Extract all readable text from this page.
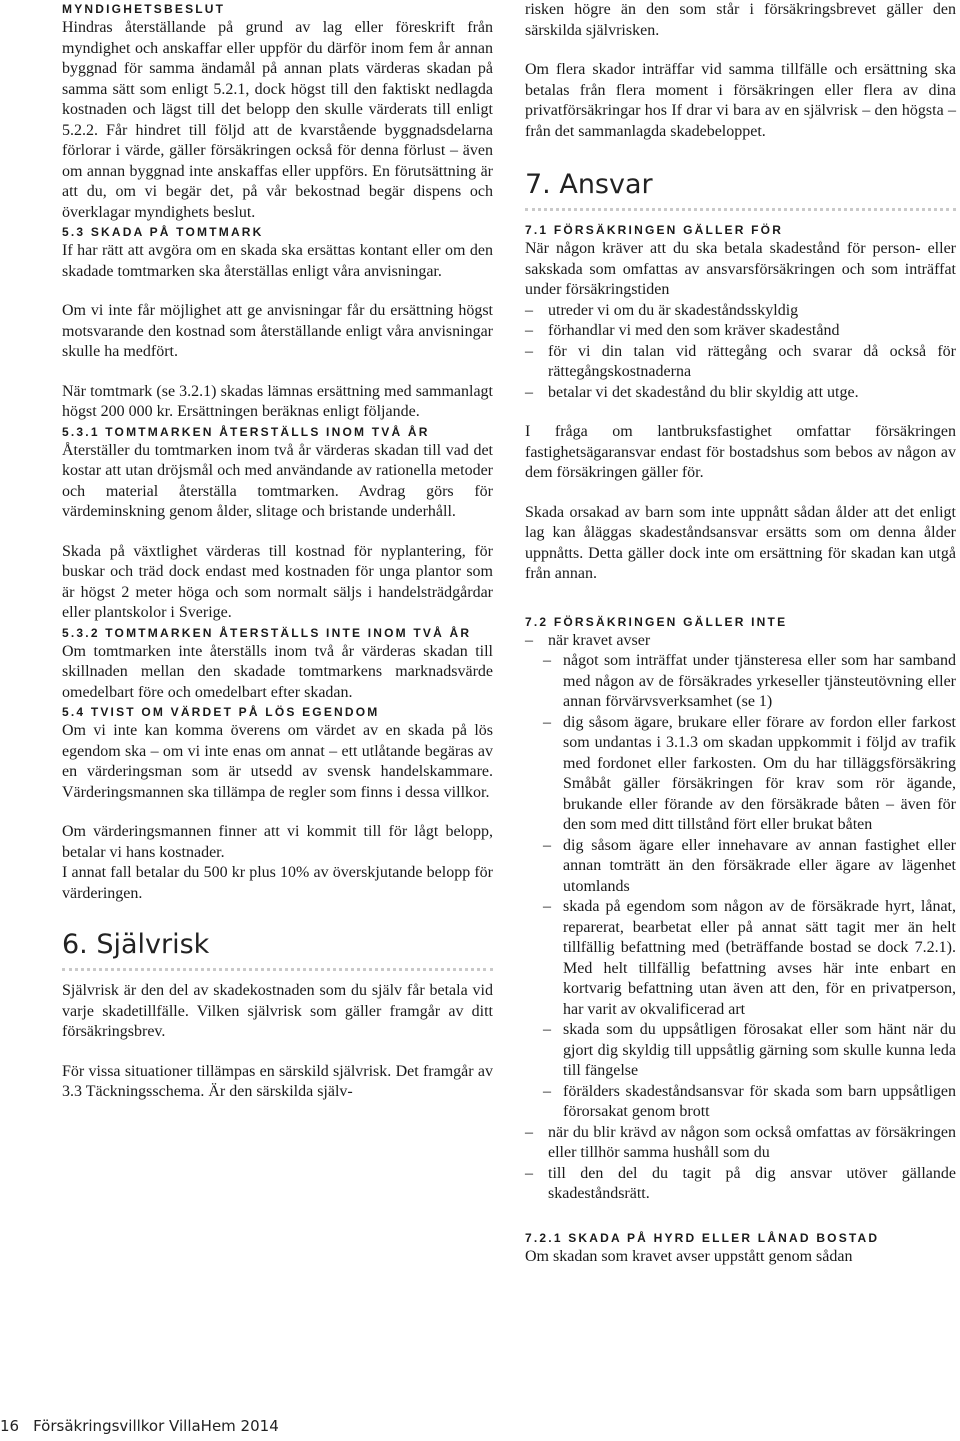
MYNDIGHETSBESLUT

Hindras återställande på grund av lag eller föreskrift från myndighet och anskaffar eller uppför du därför inom fem år annan byggnad för samma ändamål på annan plats värderas skadan på samma sätt som enligt 5.2.1, dock högst till den faktiskt nedlagda kostnaden och lägst till det belopp den skulle värderats till enligt 5.2.2. Får hindret till följd att de kvarstående byggnadsdelarna förlorar i värde, gäller försäkringen också för denna förlust – även om annan byggnad inte anskaffas eller uppförs. En förutsättning är att du, om vi begär det, på vår bekostnad begär dispens och överklagar myndighets beslut.

5.3 SKADA PÅ TOMTMARK

If har rätt att avgöra om en skada ska ersättas kontant eller om den skadade tomtmarken ska återställas enligt våra anvisningar.

Om vi inte får möjlighet att ge anvisningar får du ersättning högst motsvarande den kostnad som återställande enligt våra anvisningar skulle ha medfört.

När tomtmark (se 3.2.1) skadas lämnas ersättning med sammanlagt högst 200 000 kr. Ersättningen beräknas enligt följande.

5.3.1 TOMTMARKEN ÅTERSTÄLLS INOM TVÅ ÅR

Återställer du tomtmarken inom två år värderas skadan till vad det kostar att utan dröjsmål och med användande av rationella metoder och material återställa tomtmarken. Avdrag görs för värdeminskning genom ålder, slitage och bristande underhåll.

Skada på växtlighet värderas till kostnad för nyplantering, för buskar och träd dock endast med kostnaden för unga plantor som är högst 2 meter höga och som normalt säljs i handelsträdgårdar eller plantskolor i Sverige.

5.3.2 TOMTMARKEN ÅTERSTÄLLS INTE INOM TVÅ ÅR

Om tomtmarken inte återställs inom två år värderas skadan till skillnaden mellan den skadade tomtmarkens marknadsvärde omedelbart före och omedelbart efter skadan.

5.4 TVIST OM VÄRDET PÅ LÖS EGENDOM

Om vi inte kan komma överens om värdet av en skada på lös egendom ska – om vi inte enas om annat – ett utlåtande begäras av en värderingsman som är utsedd av svensk handelskammare. Värderingsmannen ska tillämpa de regler som finns i dessa villkor.

Om värderingsmannen finner att vi kommit till för lågt belopp, betalar vi hans kostnader.

I annat fall betalar du 500 kr plus 10% av överskjutande belopp för värderingen.

6. Självrisk

Självrisk är den del av skadekostnaden som du själv får betala vid varje skadetillfälle. Vilken självrisk som gäller framgår av ditt försäkringsbrev.

För vissa situationer tillämpas en särskild självrisk. Det framgår av 3.3 Täckningsschema. Är den särskilda själv-

risken högre än den som står i försäkringsbrevet gäller den särskilda självrisken.

Om flera skador inträffar vid samma tillfälle och ersättning ska betalas från flera moment i försäkringen eller flera av dina privatförsäkringar hos If drar vi bara av en självrisk – den högsta – från det sammanlagda skadebeloppet.

7. Ansvar
7.1 FÖRSÄKRINGEN GÄLLER FÖR

När någon kräver att du ska betala skadestånd för person- eller sakskada som omfattas av ansvarsförsäkringen och som inträffat under försäkringstiden

– utreder vi om du är skadeståndsskyldig
– förhandlar vi med den som kräver skadestånd
– för vi din talan vid rättegång och svarar då också för rättegångskostnaderna
– betalar vi det skadestånd du blir skyldig att utge.

I fråga om lantbruksfastighet omfattar försäkringen fastighetsägaransvar endast för bostadshus som bebos av någon av dem försäkringen gäller för.

Skada orsakad av barn som inte uppnått sådan ålder att det enligt lag kan åläggas skadeståndsansvar ersätts som om denna ålder uppnåtts. Detta gäller dock inte om ersättning för skadan kan utgå från annan.

7.2 FÖRSÄKRINGEN GÄLLER INTE
– när kravet avser
– något som inträffat under tjänsteresa eller som har samband med någon av de försäkrades yrkeseller tjänsteutövning eller annan förvärvsverksamhet (se 1)
– dig såsom ägare, brukare eller förare av fordon eller farkost som undantas i 3.1.3 om skadan uppkommit i följd av trafik med fordonet eller farkosten. Om du har tilläggsförsäkring Småbåt gäller försäkringen för krav som rör ägande, brukande eller förande av den försäkrade båten – även för den som med ditt tillstånd fört eller brukat båten
– dig såsom ägare eller innehavare av annan fastighet eller annan tomträtt än den försäkrade eller ägare av lägenhet utomlands
– skada på egendom som någon av de försäkrade hyrt, lånat, reparerat, bearbetat eller på annat sätt tagit mer än helt tillfällig befattning med (beträffande bostad se dock 7.2.1). Med helt tillfällig befattning avses här inte enbart en kortvarig befattning utan även att den, för en privatperson, har varit av okvalificerad art
– skada som du uppsåtligen förosakat eller som hänt när du gjort dig skyldig till uppsåtlig gärning som skulle kunna leda till fängelse
– förälders skadeståndsansvar för skada som barn uppsåtligen förorsakat genom brott
– när du blir krävd av någon som också omfattas av försäkringen eller tillhör samma hushåll som du
– till den del du tagit på dig ansvar utöver gällande skadeståndsrätt.
7.2.1 SKADA PÅ HYRD ELLER LÅNAD BOSTAD

Om skadan som kravet avser uppstått genom sådan

16 Försäkringsvillkor VillaHem 2014
